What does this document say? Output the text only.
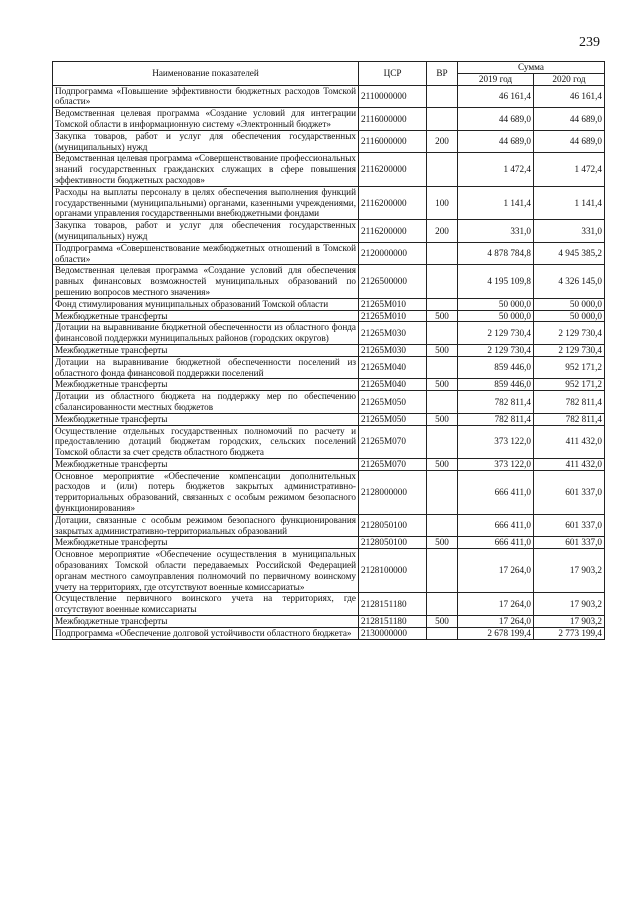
239
Наименование показателей	ЦСР	ВР	Сумма	
			2019 год	2020 год
Подпрограмма «Повышение эффективности бюджетных расходов Томской области»	2110000000		46 161,4	46 161,4
Ведомственная целевая программа «Создание условий для интеграции Томской области в информационную систему «Электронный бюджет»	2116000000		44 689,0	44 689,0
Закупка товаров, работ и услуг для обеспечения государственных (муниципальных) нужд	2116000000	200	44 689,0	44 689,0
Ведомственная целевая программа «Совершенствование профессиональных знаний государственных гражданских служащих в сфере повышения эффективности бюджетных расходов»	2116200000		1 472,4	1 472,4
Расходы на выплаты персоналу в целях обеспечения выполнения функций государственными (муниципальными) органами, казенными учреждениями, органами управления государственными внебюджетными фондами	2116200000	100	1 141,4	1 141,4
Закупка товаров, работ и услуг для обеспечения государственных (муниципальных) нужд	2116200000	200	331,0	331,0
Подпрограмма «Совершенствование межбюджетных отношений в Томской области»	2120000000		4 878 784,8	4 945 385,2
Ведомственная целевая программа «Создание условий для обеспечения равных финансовых возможностей муниципальных образований по решению вопросов местного значения»	2126500000		4 195 109,8	4 326 145,0
Фонд стимулирования муниципальных образований Томской области	21265М010		50 000,0	50 000,0
Межбюджетные трансферты	21265М010	500	50 000,0	50 000,0
Дотации на выравнивание бюджетной обеспеченности из областного фонда финансовой поддержки муниципальных районов (городских округов)	21265М030		2 129 730,4	2 129 730,4
Межбюджетные трансферты	21265М030	500	2 129 730,4	2 129 730,4
Дотации на выравнивание бюджетной обеспеченности поселений из областного фонда финансовой поддержки поселений	21265М040		859 446,0	952 171,2
Межбюджетные трансферты	21265М040	500	859 446,0	952 171,2
Дотации из областного бюджета на поддержку мер по обеспечению сбалансированности местных бюджетов	21265М050		782 811,4	782 811,4
Межбюджетные трансферты	21265М050	500	782 811,4	782 811,4
Осуществление отдельных государственных полномочий по расчету и предоставлению дотаций бюджетам городских, сельских поселений Томской области за счет средств областного бюджета	21265М070		373 122,0	411 432,0
Межбюджетные трансферты	21265М070	500	373 122,0	411 432,0
Основное мероприятие «Обеспечение компенсации дополнительных расходов и (или) потерь бюджетов закрытых административно-территориальных образований, связанных с особым режимом безопасного функционирования»	2128000000		666 411,0	601 337,0
Дотации, связанные с особым режимом безопасного функционирования закрытых административно-территориальных образований	2128050100		666 411,0	601 337,0
Межбюджетные трансферты	2128050100	500	666 411,0	601 337,0
Основное мероприятие «Обеспечение осуществления в муниципальных образованиях Томской области передаваемых Российской Федерацией органам местного самоуправления полномочий по первичному воинскому учету на территориях, где отсутствуют военные комиссариаты»	2128100000		17 264,0	17 903,2
Осуществление первичного воинского учета на территориях, где отсутствуют военные комиссариаты	2128151180		17 264,0	17 903,2
Межбюджетные трансферты	2128151180	500	17 264,0	17 903,2
Подпрограмма «Обеспечение долговой устойчивости областного бюджета»	2130000000		2 678 199,4	2 773 199,4
